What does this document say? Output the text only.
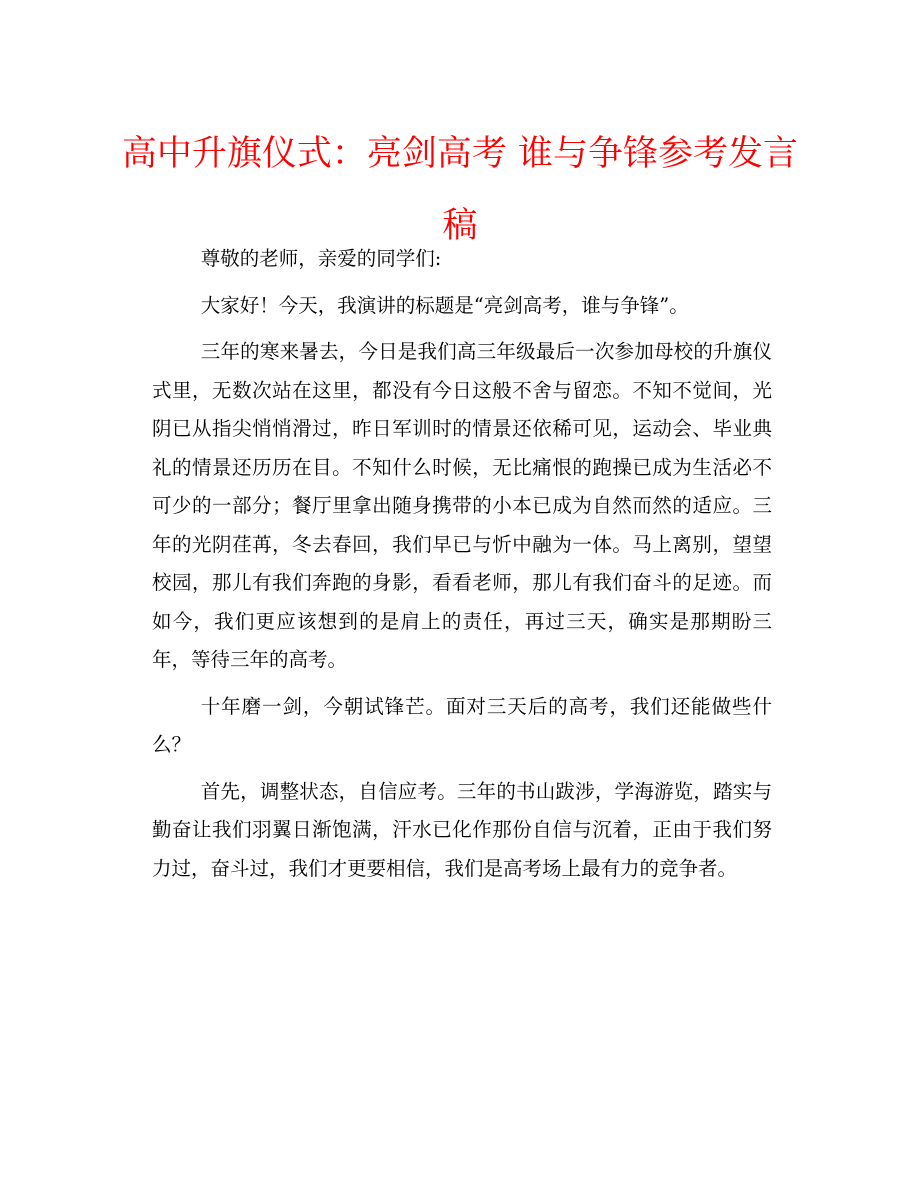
高中升旗仪式：亮剑高考 谁与争锋参考发言稿

尊敬的老师，亲爱的同学们:

大家好！今天，我演讲的标题是“亮剑高考，谁与争锋”。

三年的寒来暑去，今日是我们高三年级最后一次参加母校的升旗仪式里，无数次站在这里，都没有今日这般不舍与留恋。不知不觉间，光阴已从指尖悄悄滑过，昨日军训时的情景还依稀可见，运动会、毕业典礼的情景还历历在目。不知什么时候，无比痛恨的跑操已成为生活必不可少的一部分；餐厅里拿出随身携带的小本已成为自然而然的适应。三年的光阴荏苒，冬去春回，我们早已与忻中融为一体。马上离别，望望校园，那儿有我们奔跑的身影，看看老师，那儿有我们奋斗的足迹。而如今，我们更应该想到的是肩上的责任，再过三天，确实是那期盼三年，等待三年的高考。

十年磨一剑，今朝试锋芒。面对三天后的高考，我们还能做些什么？

首先，调整状态，自信应考。三年的书山跋涉，学海游览，踏实与勤奋让我们羽翼日渐饱满，汗水已化作那份自信与沉着，正由于我们努力过，奋斗过，我们才更要相信，我们是高考场上最有力的竞争者。
